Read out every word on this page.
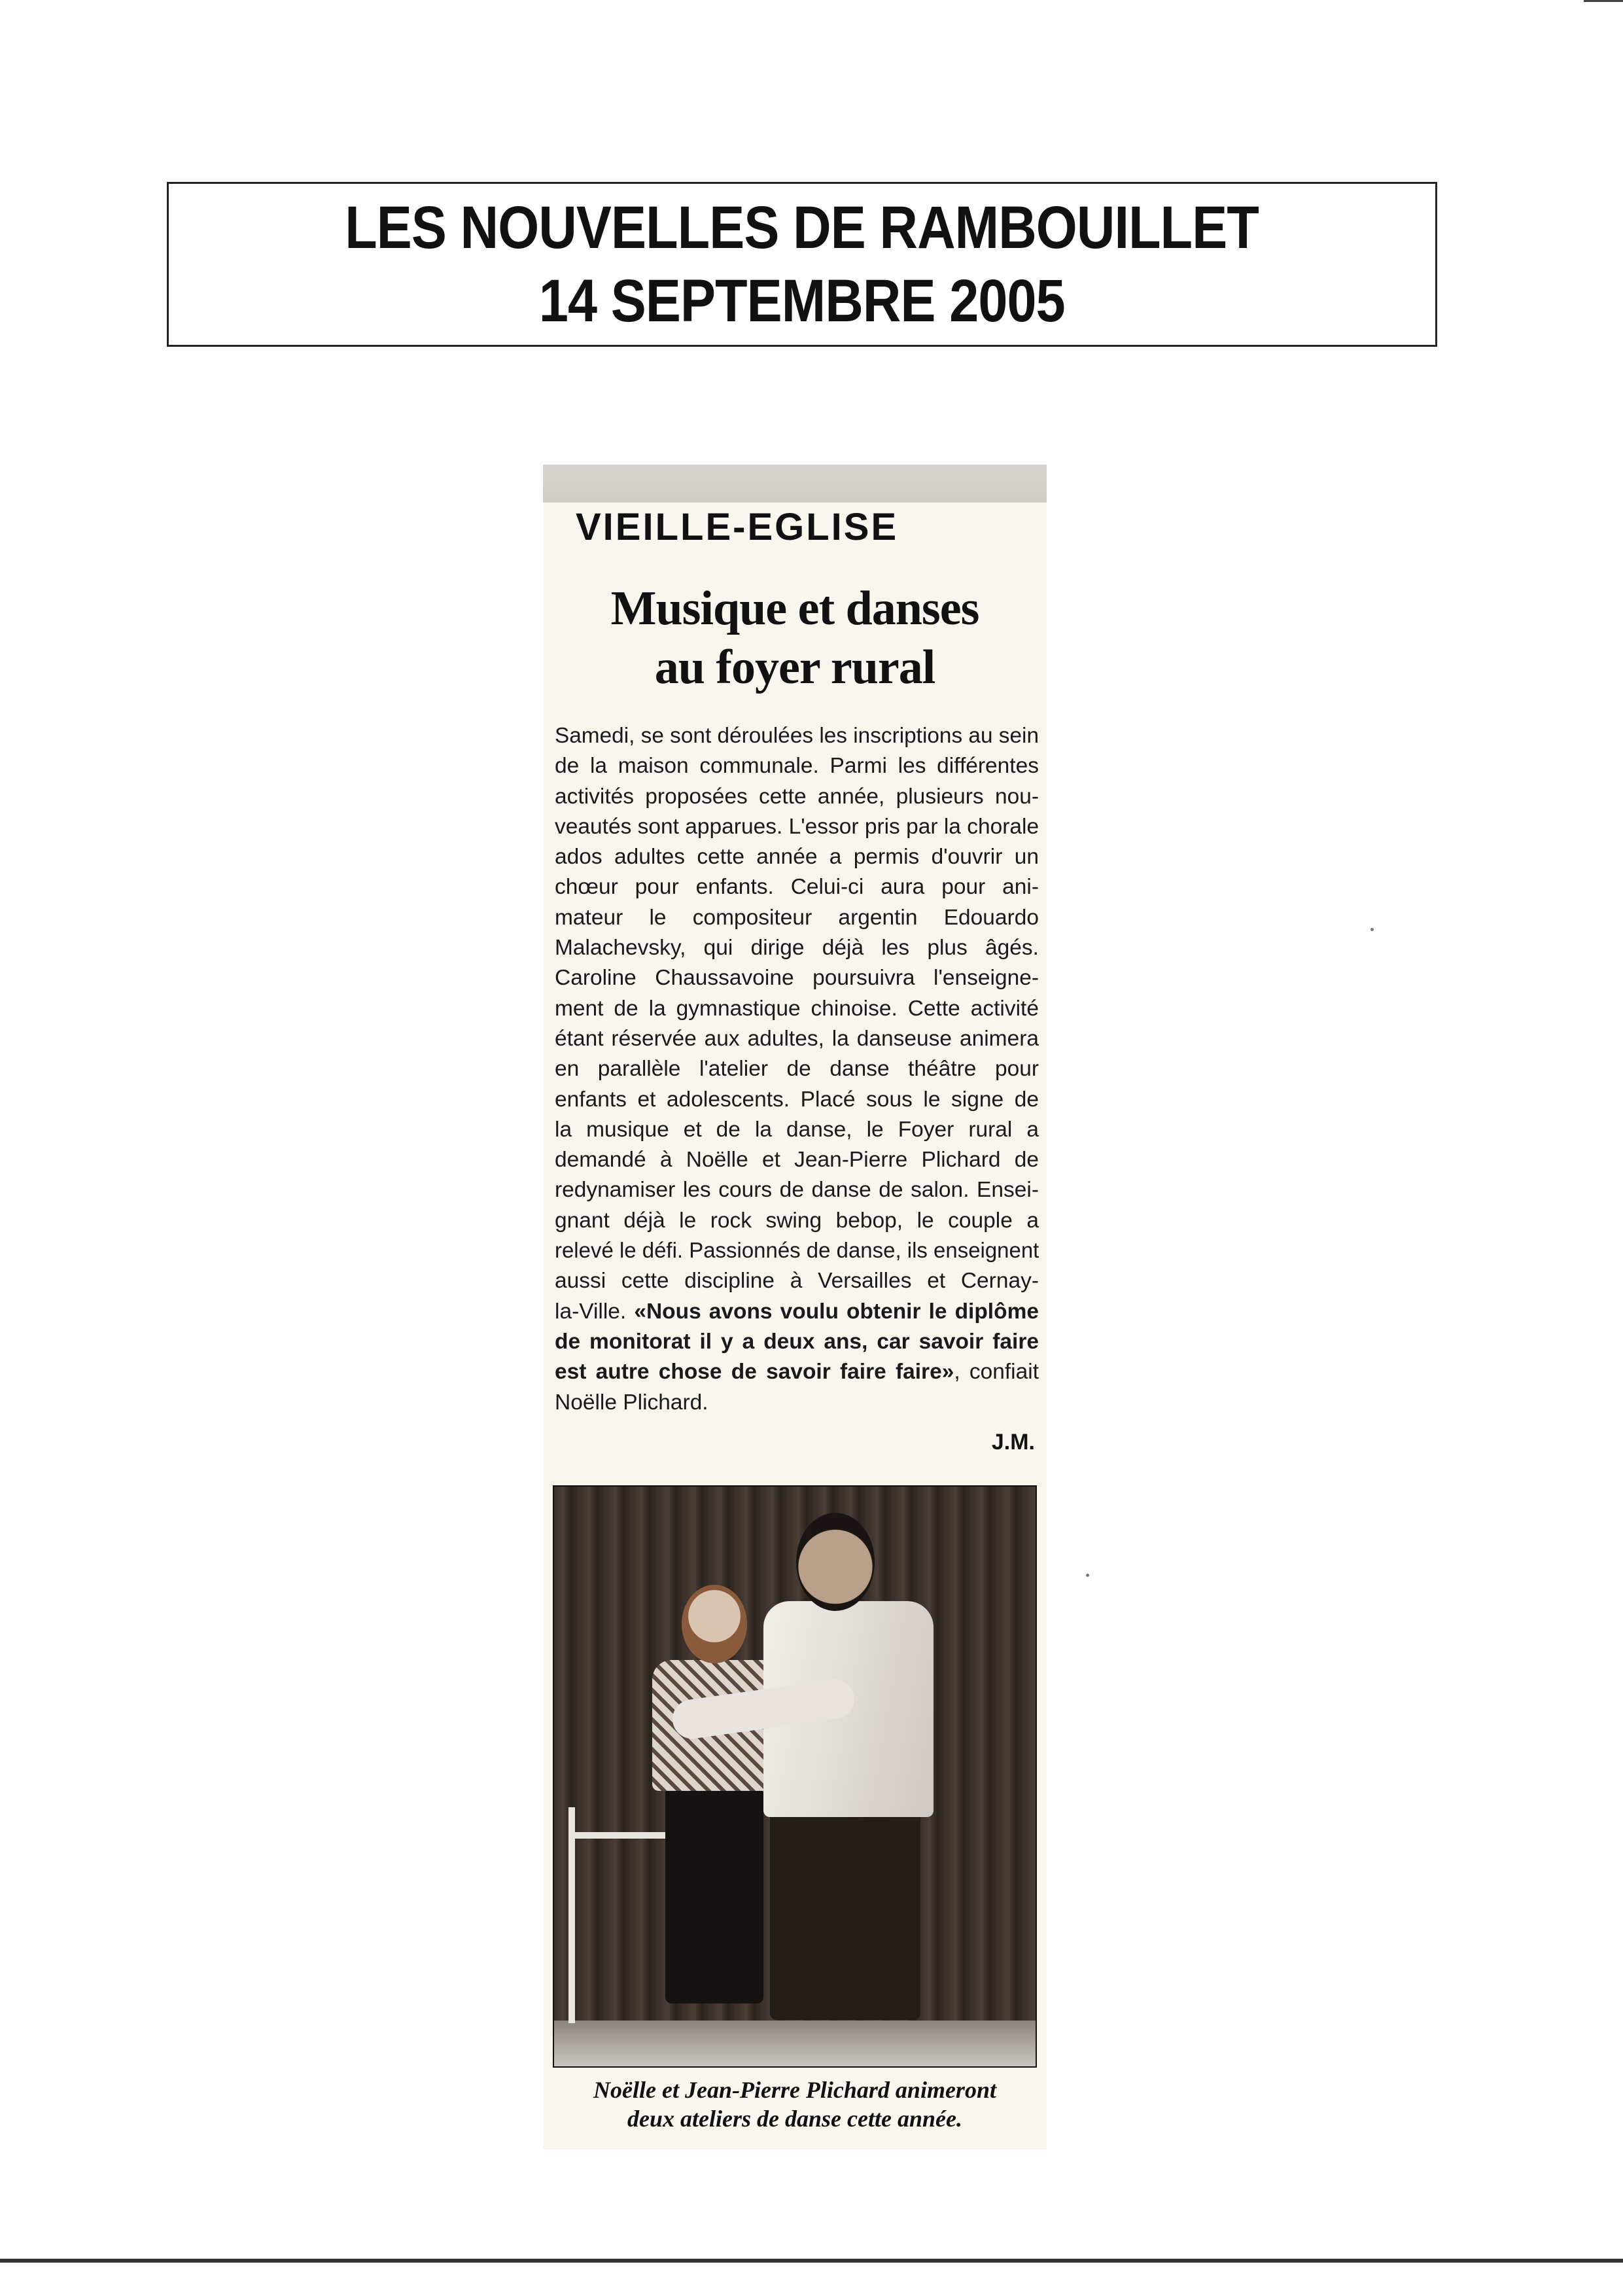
LES NOUVELLES DE RAMBOUILLET
14 SEPTEMBRE 2005
VIEILLE-EGLISE
Musique et danses
au foyer rural
Samedi, se sont déroulées les inscriptions au sein
de la maison communale. Parmi les différentes
activités proposées cette année, plusieurs nou-
veautés sont apparues. L'essor pris par la chorale
ados adultes cette année a permis d'ouvrir un
chœur pour enfants. Celui-ci aura pour ani-
mateur le compositeur argentin Edouardo
Malachevsky, qui dirige déjà les plus âgés.
Caroline Chaussavoine poursuivra l'enseigne-
ment de la gymnastique chinoise. Cette activité
étant réservée aux adultes, la danseuse animera
en parallèle l'atelier de danse théâtre pour
enfants et adolescents. Placé sous le signe de
la musique et de la danse, le Foyer rural a
demandé à Noëlle et Jean-Pierre Plichard de
redynamiser les cours de danse de salon. Ensei-
gnant déjà le rock swing bebop, le couple a
relevé le défi. Passionnés de danse, ils enseignent
aussi cette discipline à Versailles et Cernay-
la-Ville. «Nous avons voulu obtenir le diplôme
de monitorat il y a deux ans, car savoir faire
est autre chose de savoir faire faire», confiait
Noëlle Plichard.
J.M.
Noëlle et Jean-Pierre Plichard animeront
deux ateliers de danse cette année.
